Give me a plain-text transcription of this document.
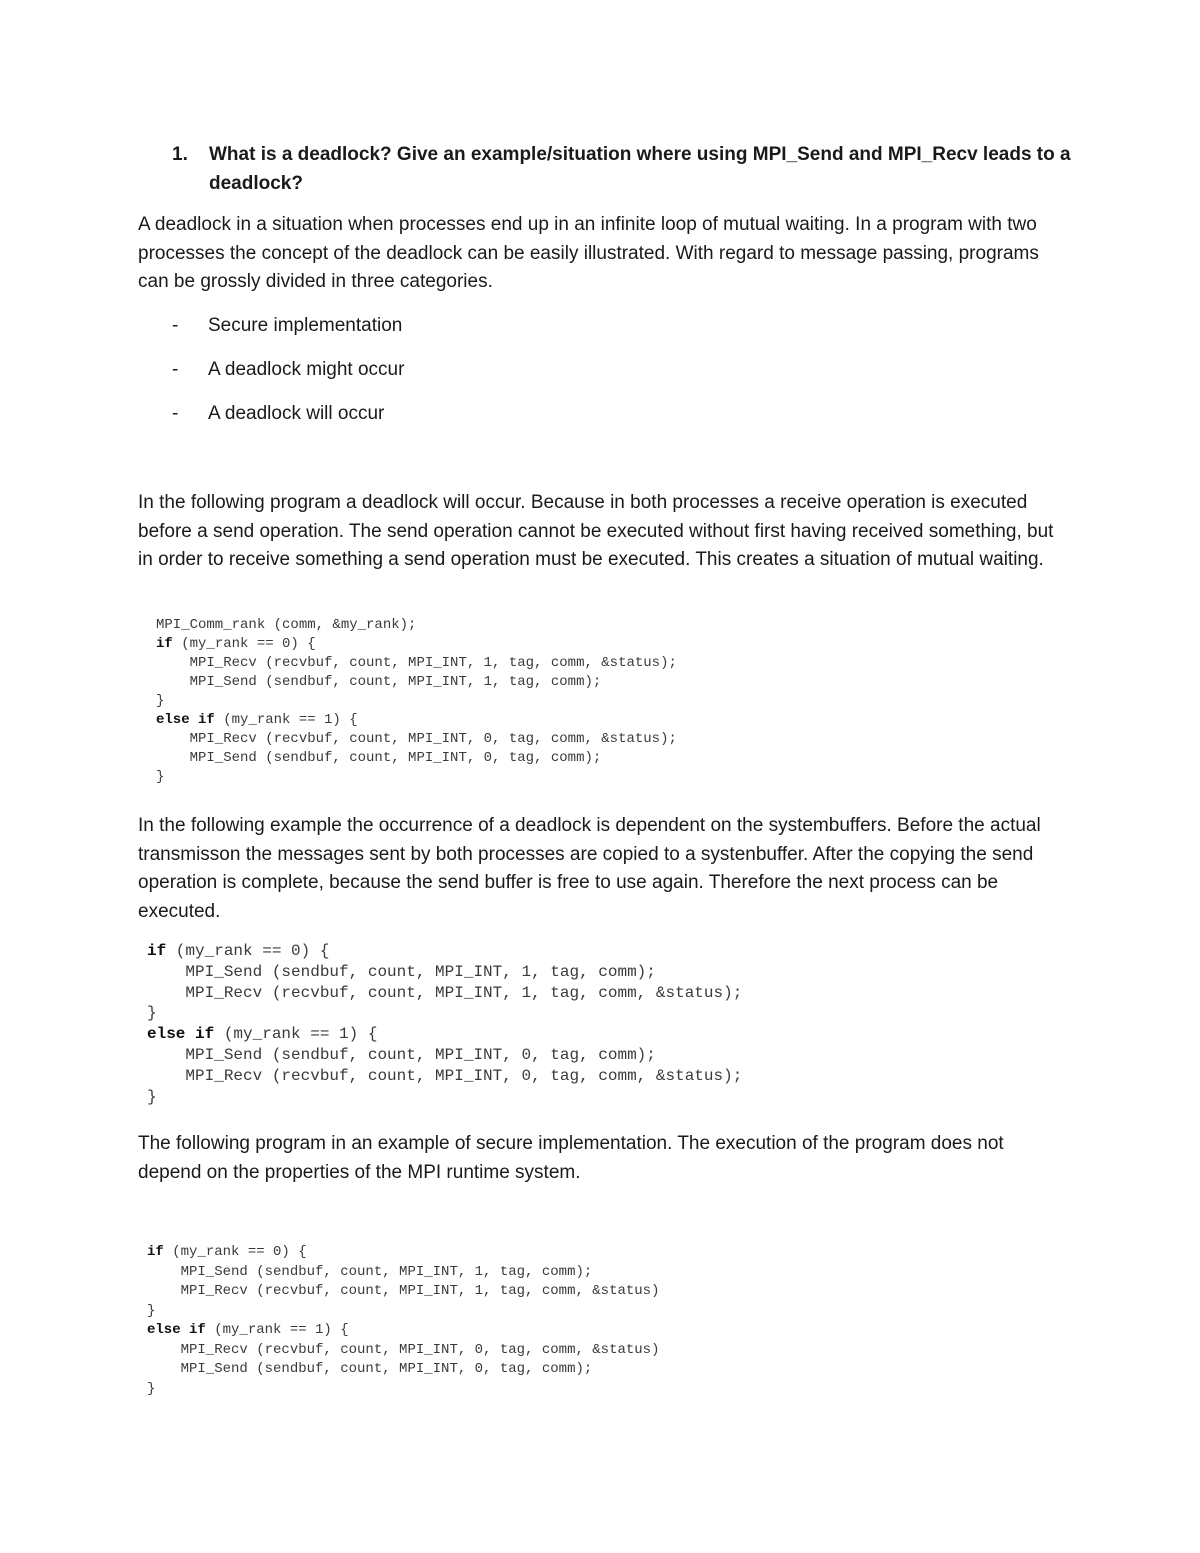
1.	What is a deadlock? Give an example/situation where using MPI_Send and MPI_Recv leads to a deadlock?

A deadlock in a situation when processes end up in an infinite loop of mutual waiting. In a program with two processes the concept of the deadlock can be easily illustrated. With regard to message passing, programs can be grossly divided in three categories.

-	Secure implementation
-	A deadlock might occur
-	A deadlock will occur

In the following program a deadlock will occur. Because in both processes a receive operation is executed before a send operation. The send operation cannot be executed without first having received something, but in order to receive something a send operation must be executed. This creates a situation of mutual waiting.

MPI_Comm_rank (comm, &my_rank);
if (my_rank == 0) {
MPI_Recv (recvbuf, count, MPI_INT, 1, tag, comm, &status);
MPI_Send (sendbuf, count, MPI_INT, 1, tag, comm);
}
else if (my_rank == 1) {
MPI_Recv (recvbuf, count, MPI_INT, 0, tag, comm, &status);
MPI_Send (sendbuf, count, MPI_INT, 0, tag, comm);
}

In the following example the occurrence of a deadlock is dependent on the systembuffers. Before the actual transmisson the messages sent by both processes are copied to a systenbuffer. After the copying the send operation is complete, because the send buffer is free to use again. Therefore the next process can be executed.

if (my_rank == 0) {
MPI_Send (sendbuf, count, MPI_INT, 1, tag, comm);
MPI_Recv (recvbuf, count, MPI_INT, 1, tag, comm, &status);
}
else if (my_rank == 1) {
MPI_Send (sendbuf, count, MPI_INT, 0, tag, comm);
MPI_Recv (recvbuf, count, MPI_INT, 0, tag, comm, &status);
}

The following program in an example of secure implementation. The execution of the program does not depend on the properties of the MPI runtime system.

if (my_rank == 0) {
MPI_Send (sendbuf, count, MPI_INT, 1, tag, comm);
MPI_Recv (recvbuf, count, MPI_INT, 1, tag, comm, &status)
}
else if (my_rank == 1) {
MPI_Recv (recvbuf, count, MPI_INT, 0, tag, comm, &status)
MPI_Send (sendbuf, count, MPI_INT, 0, tag, comm);
}
